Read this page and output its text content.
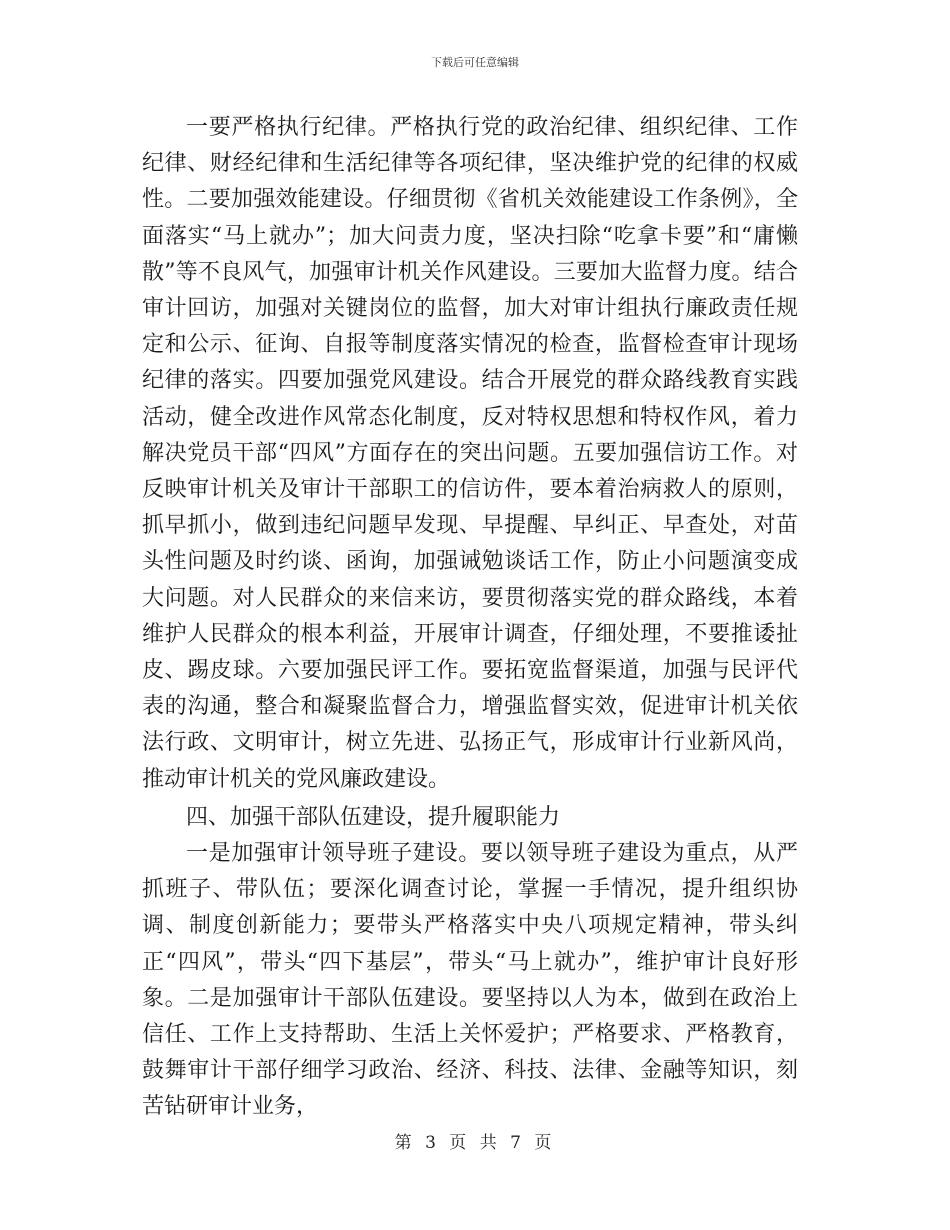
下载后可任意编辑

一要严格执行纪律。严格执行党的政治纪律、组织纪律、工作纪律、财经纪律和生活纪律等各项纪律，坚决维护党的纪律的权威性。二要加强效能建设。仔细贯彻《省机关效能建设工作条例》，全面落实“马上就办”；加大问责力度，坚决扫除“吃拿卡要”和“庸懒散”等不良风气，加强审计机关作风建设。三要加大监督力度。结合审计回访，加强对关键岗位的监督，加大对审计组执行廉政责任规定和公示、征询、自报等制度落实情况的检查，监督检查审计现场纪律的落实。四要加强党风建设。结合开展党的群众路线教育实践活动，健全改进作风常态化制度，反对特权思想和特权作风，着力解决党员干部“四风”方面存在的突出问题。五要加强信访工作。对反映审计机关及审计干部职工的信访件，要本着治病救人的原则，抓早抓小，做到违纪问题早发现、早提醒、早纠正、早查处，对苗头性问题及时约谈、函询，加强诫勉谈话工作，防止小问题演变成大问题。对人民群众的来信来访，要贯彻落实党的群众路线，本着维护人民群众的根本利益，开展审计调查，仔细处理，不要推诿扯皮、踢皮球。六要加强民评工作。要拓宽监督渠道，加强与民评代表的沟通，整合和凝聚监督合力，增强监督实效，促进审计机关依法行政、文明审计，树立先进、弘扬正气，形成审计行业新风尚，推动审计机关的党风廉政建设。

四、加强干部队伍建设，提升履职能力

一是加强审计领导班子建设。要以领导班子建设为重点，从严抓班子、带队伍；要深化调查讨论，掌握一手情况，提升组织协调、制度创新能力；要带头严格落实中央八项规定精神，带头纠正“四风”，带头“四下基层”，带头“马上就办”，维护审计良好形象。二是加强审计干部队伍建设。要坚持以人为本，做到在政治上信任、工作上支持帮助、生活上关怀爱护；严格要求、严格教育，鼓舞审计干部仔细学习政治、经济、科技、法律、金融等知识，刻苦钻研审计业务，

第 3 页 共 7 页
